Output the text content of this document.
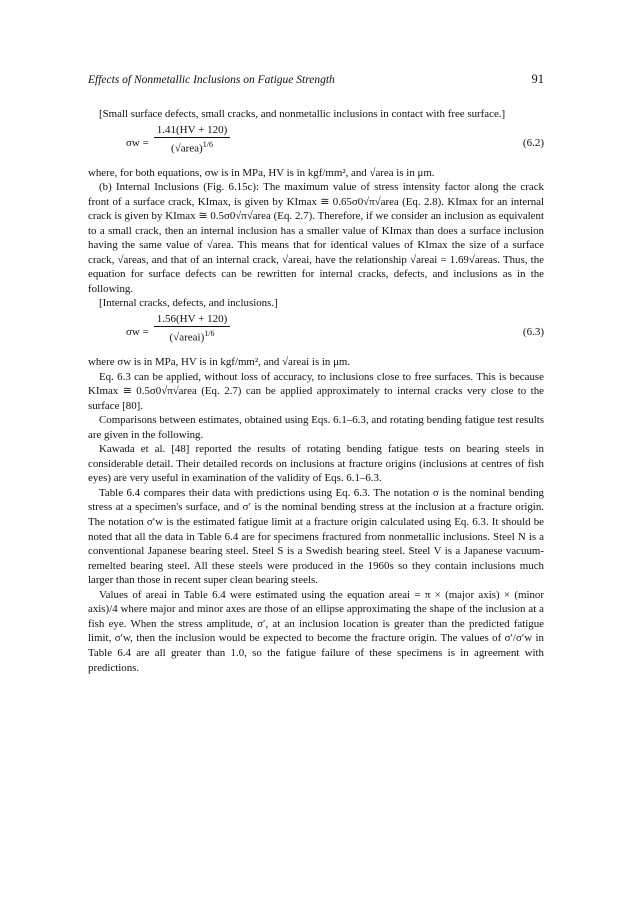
Effects of Nonmetallic Inclusions on Fatigue Strength	91

[Small surface defects, small cracks, and nonmetallic inclusions in contact with free surface.]

σw =
1.41(HV + 120)
(√area)$^{1/6}$	(6.2)

where, for both equations, σw is in MPa, HV is in kgf/mm², and √area is in μm.

(b) Internal Inclusions (Fig. 6.15c): The maximum value of stress intensity factor along the crack front of a surface crack, KImax, is given by KImax ≅ 0.65σ0√π√area (Eq. 2.8). KImax for an internal crack is given by KImax ≅ 0.5σ0√π√area (Eq. 2.7). Therefore, if we consider an inclusion as equivalent to a small crack, then an internal inclusion has a smaller value of KImax than does a surface inclusion having the same value of √area. This means that for identical values of KImax the size of a surface crack, √areas, and that of an internal crack, √areai, have the relationship √areai = 1.69√areas. Thus, the equation for surface defects can be rewritten for internal cracks, defects, and inclusions as in the following.

[Internal cracks, defects, and inclusions.]

σw =
1.56(HV + 120)
(√areai)$^{1/6}$	(6.3)

where σw is in MPa, HV is in kgf/mm², and √areai is in μm.

Eq. 6.3 can be applied, without loss of accuracy, to inclusions close to free surfaces. This is because KImax ≅ 0.5σ0√π√area (Eq. 2.7) can be applied approximately to internal cracks very close to the surface [80].

Comparisons between estimates, obtained using Eqs. 6.1–6.3, and rotating bending fatigue test results are given in the following.

Kawada et al. [48] reported the results of rotating bending fatigue tests on bearing steels in considerable detail. Their detailed records on inclusions at fracture origins (inclusions at centres of fish eyes) are very useful in examination of the validity of Eqs. 6.1–6.3.

Table 6.4 compares their data with predictions using Eq. 6.3. The notation σ is the nominal bending stress at a specimen's surface, and σ′ is the nominal bending stress at the inclusion at a fracture origin. The notation σ′w is the estimated fatigue limit at a fracture origin calculated using Eq. 6.3. It should be noted that all the data in Table 6.4 are for specimens fractured from nonmetallic inclusions. Steel N is a conventional Japanese bearing steel. Steel S is a Swedish bearing steel. Steel V is a Japanese vacuum-remelted bearing steel. All these steels were produced in the 1960s so they contain inclusions much larger than those in recent super clean bearing steels.

Values of areai in Table 6.4 were estimated using the equation areai = π × (major axis) × (minor axis)/4 where major and minor axes are those of an ellipse approximating the shape of the inclusion at a fish eye. When the stress amplitude, σ′, at an inclusion location is greater than the predicted fatigue limit, σ′w, then the inclusion would be expected to become the fracture origin. The values of σ′/σ′w in Table 6.4 are all greater than 1.0, so the fatigue failure of these specimens is in agreement with predictions.
